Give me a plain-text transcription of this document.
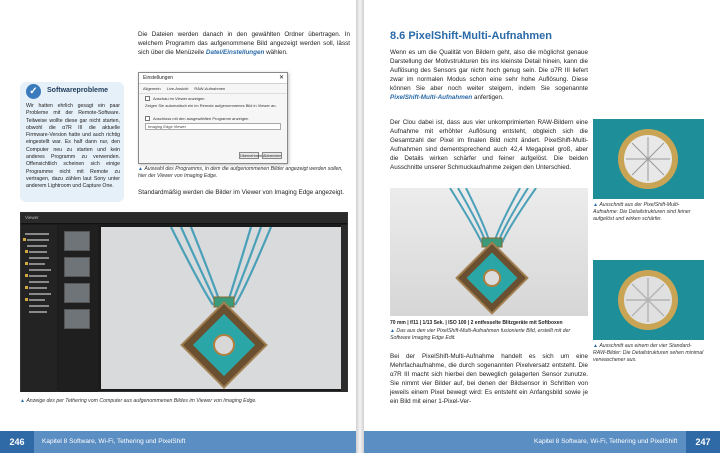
Die Dateien werden danach in den gewählten Ordner übertragen. In welchem Programm das aufgenommene Bild angezeigt werden soll, lässt sich über die Menüzeile Datei/Einstellungen wählen.

✓	Softwareprobleme

Wir hatten ehrlich gesagt ein paar Probleme mit der Remote-Software. Teilweise wollte diese gar nicht starten, obwohl die α7R III die aktuelle Firmware-Version hatte und auch richtig eingestellt war. Es half dann nur, den Computer neu zu starten und kein anderes Programm zu verwenden. Offensichtlich scheinen sich einige Programme nicht mit Remote zu vertragen, dazu zählen laut Sony unter anderem Lightroom und Capture One.

Einstellungen	✕
Allgemein Live-Ansicht RAW-Aufnahmen
Anschau im Viewer anzeigen
Zeigen Sie automatisch ein im Remote aufgenommenes Bild in Viewer an.
Anschluss mit den ausgewählten Programm anzeigen
Imaging Edge Viewer
Übernehmen Abbrechen

▲ Auswahl des Programms, in dem die aufgenommenen Bilder angezeigt werden sollen, hier der Viewer von Imaging Edge.

Standardmäßig werden die Bilder im Viewer von Imaging Edge angezeigt.

Viewer

▲ Anzeige des per Tethering vom Computer aus aufgenommenen Bildes im Viewer von Imaging Edge.

246	Kapitel 8 Software, Wi-Fi, Tethering und PixelShift
8.6 PixelShift-Multi-Aufnahmen

Wenn es um die Qualität von Bildern geht, also die möglichst genaue Darstellung der Motivstrukturen bis ins kleinste Detail hinein, kann die Auflösung des Sensors gar nicht hoch genug sein. Die α7R III liefert zwar im normalen Modus schon eine sehr hohe Auflösung. Diese können Sie aber noch weiter steigern, indem Sie sogenannte PixelShift-Multi-Aufnahmen anfertigen.

Der Clou dabei ist, dass aus vier unkomprimierten RAW-Bildern eine Aufnahme mit erhöhter Auflösung entsteht, obgleich sich die Gesamtzahl der Pixel im finalen Bild nicht ändert. PixelShift-Multi-Aufnahmen sind dementsprechend auch 42,4 Megapixel groß, aber die Details wirken schärfer und feiner aufgelöst. Die beiden Ausschnitte unserer Schmuckaufnahme zeigen den Unterschied.

70 mm | f/11 | 1/13 Sek. | ISO 100 | 2 entfesselte Blitzgeräte mit Softboxen

▲ Das aus den vier PixelShift-Multi-Aufnahmen fusionierte Bild, erstellt mit der Software Imaging Edge Edit.

Bei der PixelShift-Multi-Aufnahme handelt es sich um eine Mehrfachaufnahme, die durch sogenannten Pixelversatz entsteht. Die α7R III macht sich hierbei den beweglich gelagerten Sensor zunutze. Sie nimmt vier Bilder auf, bei denen der Bildsensor in Schritten von jeweils einem Pixel bewegt wird: Es entsteht ein Anfangsbild sowie je ein Bild mit einer 1-Pixel-Ver-

▲ Ausschnitt aus der PixelShift-Multi-Aufnahme: Die Detailstrukturen sind feiner aufgelöst und wirken schärfer.

▲ Ausschnitt aus einem der vier Standard-RAW-Bilder: Die Detailstrukturen sehen minimal verwaschener aus.

Kapitel 8 Software, Wi-Fi, Tethering und PixelShift	247
